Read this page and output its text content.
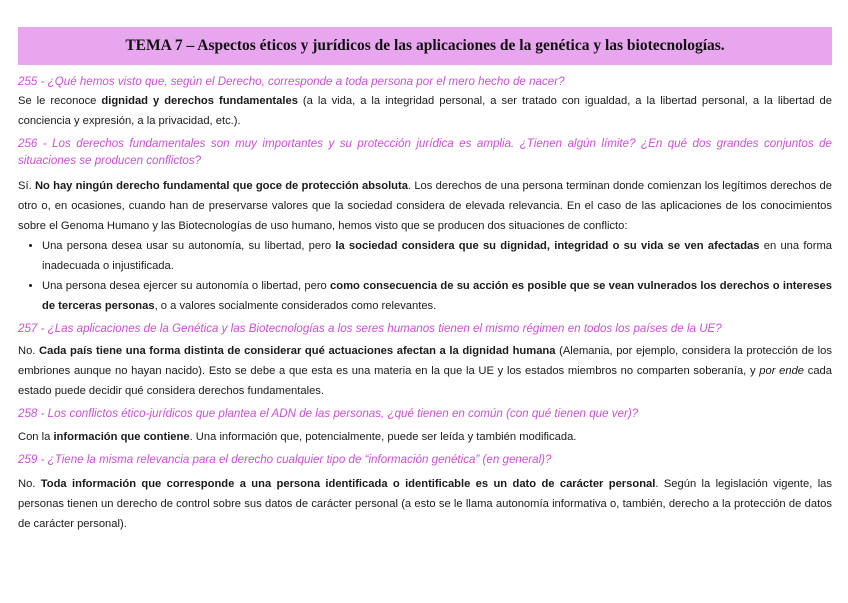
TEMA 7 – Aspectos éticos y jurídicos de las aplicaciones de la genética y las biotecnologías.

255 - ¿Qué hemos visto que, según el Derecho, corresponde a toda persona por el mero hecho de nacer?

Se le reconoce dignidad y derechos fundamentales (a la vida, a la integridad personal, a ser tratado con igualdad, a la libertad personal, a la libertad de conciencia y expresión, a la privacidad, etc.).

256 - Los derechos fundamentales son muy importantes y su protección jurídica es amplia. ¿Tienen algún límite? ¿En qué dos grandes conjuntos de situaciones se producen conflictos?

Sí. No hay ningún derecho fundamental que goce de protección absoluta. Los derechos de una persona terminan donde comienzan los legítimos derechos de otro o, en ocasiones, cuando han de preservarse valores que la sociedad considera de elevada relevancia. En el caso de las aplicaciones de los conocimientos sobre el Genoma Humano y las Biotecnologías de uso humano, hemos visto que se producen dos situaciones de conflicto:

• Una persona desea usar su autonomía, su libertad, pero la sociedad considera que su dignidad, integridad o su vida se ven afectadas en una forma inadecuada o injustificada.
• Una persona desea ejercer su autonomía o libertad, pero como consecuencia de su acción es posible que se vean vulnerados los derechos o intereses de terceras personas, o a valores socialmente considerados como relevantes.

257 - ¿Las aplicaciones de la Genética y las Biotecnologías a los seres humanos tienen el mismo régimen en todos los países de la UE?

No. Cada país tiene una forma distinta de considerar qué actuaciones afectan a la dignidad humana (Alemania, por ejemplo, considera la protección de los embriones aunque no hayan nacido). Esto se debe a que esta es una materia en la que la UE y los estados miembros no comparten soberanía, y por ende cada estado puede decidir qué considera derechos fundamentales.

258 - Los conflictos ético-jurídicos que plantea el ADN de las personas, ¿qué tienen en común (con qué tienen que ver)?

Con la información que contiene. Una información que, potencialmente, puede ser leída y también modificada.

259 - ¿Tiene la misma relevancia para el derecho cualquier tipo de “información genética” (en general)?

No. Toda información que corresponde a una persona identificada o identificable es un dato de carácter personal. Según la legislación vigente, las personas tienen un derecho de control sobre sus datos de carácter personal (a esto se le llama autonomía informativa o, también, derecho a la protección de datos de carácter personal).
